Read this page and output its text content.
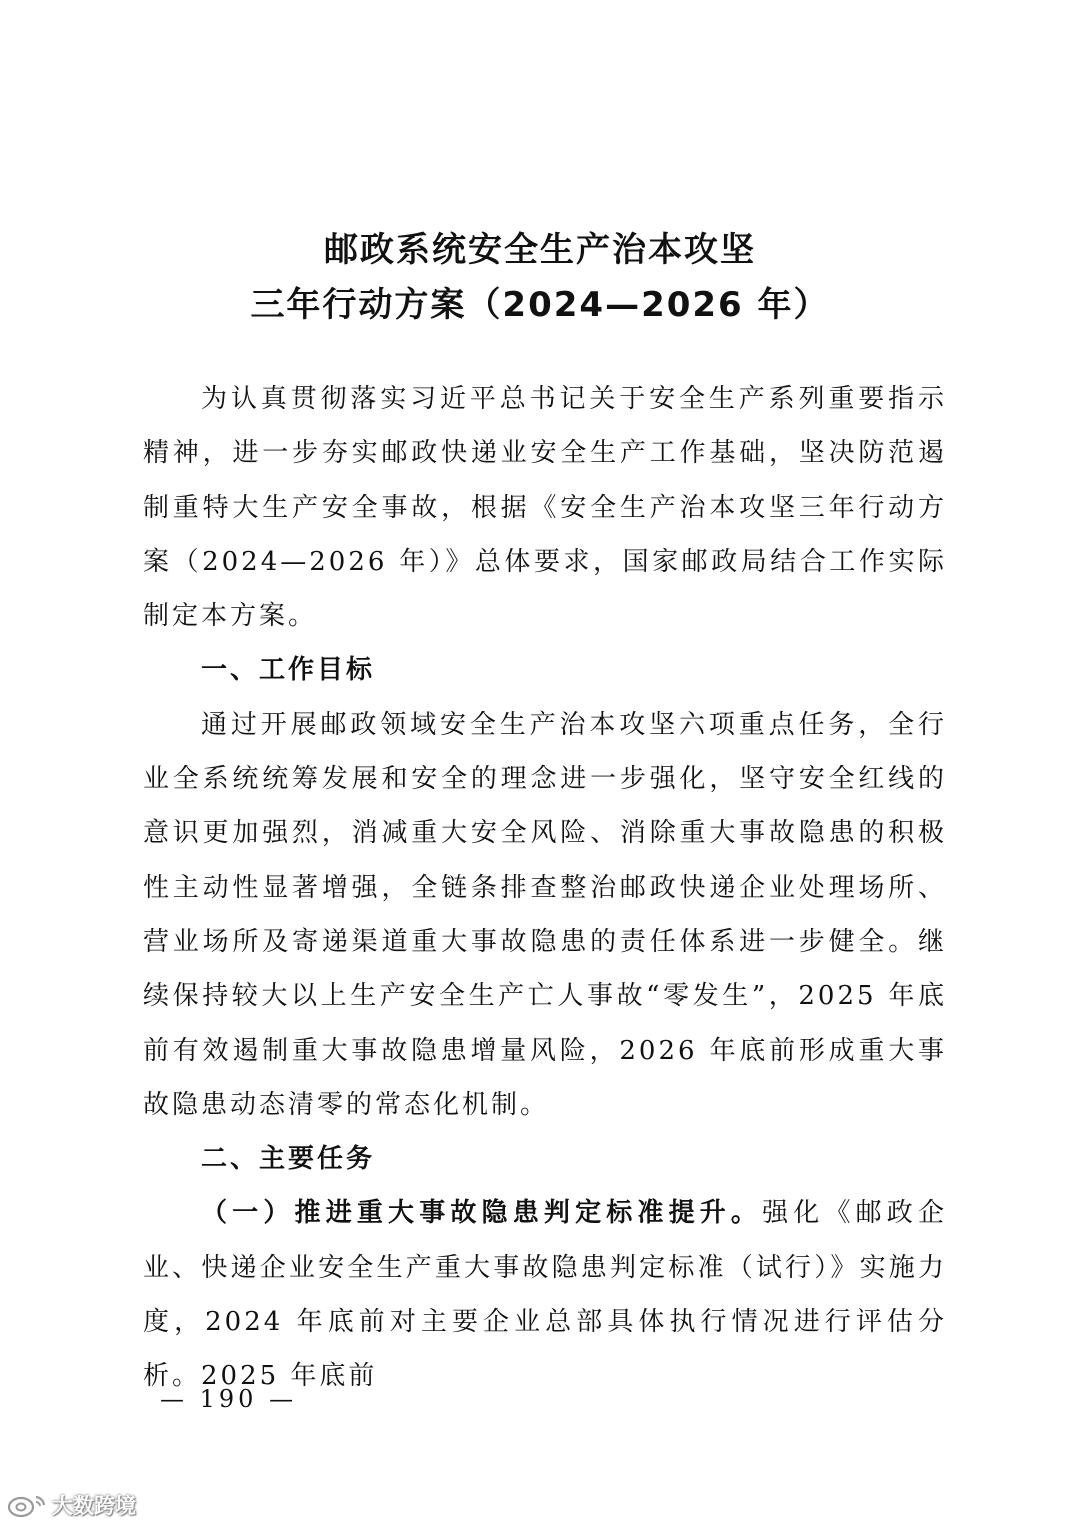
邮政系统安全生产治本攻坚
三年行动方案（2024—2026 年）

为认真贯彻落实习近平总书记关于安全生产系列重要指示精神，进一步夯实邮政快递业安全生产工作基础，坚决防范遏制重特大生产安全事故，根据《安全生产治本攻坚三年行动方案（2024—2026 年）》总体要求，国家邮政局结合工作实际制定本方案。

一、工作目标

通过开展邮政领域安全生产治本攻坚六项重点任务，全行业全系统统筹发展和安全的理念进一步强化，坚守安全红线的意识更加强烈，消减重大安全风险、消除重大事故隐患的积极性主动性显著增强，全链条排查整治邮政快递企业处理场所、营业场所及寄递渠道重大事故隐患的责任体系进一步健全。继续保持较大以上生产安全生产亡人事故“零发生”，2025 年底前有效遏制重大事故隐患增量风险，2026 年底前形成重大事故隐患动态清零的常态化机制。

二、主要任务

（一）推进重大事故隐患判定标准提升。强化《邮政企业、快递企业安全生产重大事故隐患判定标准（试行）》实施力度，2024 年底前对主要企业总部具体执行情况进行评估分析。2025 年底前

— 190 —
大数跨境
